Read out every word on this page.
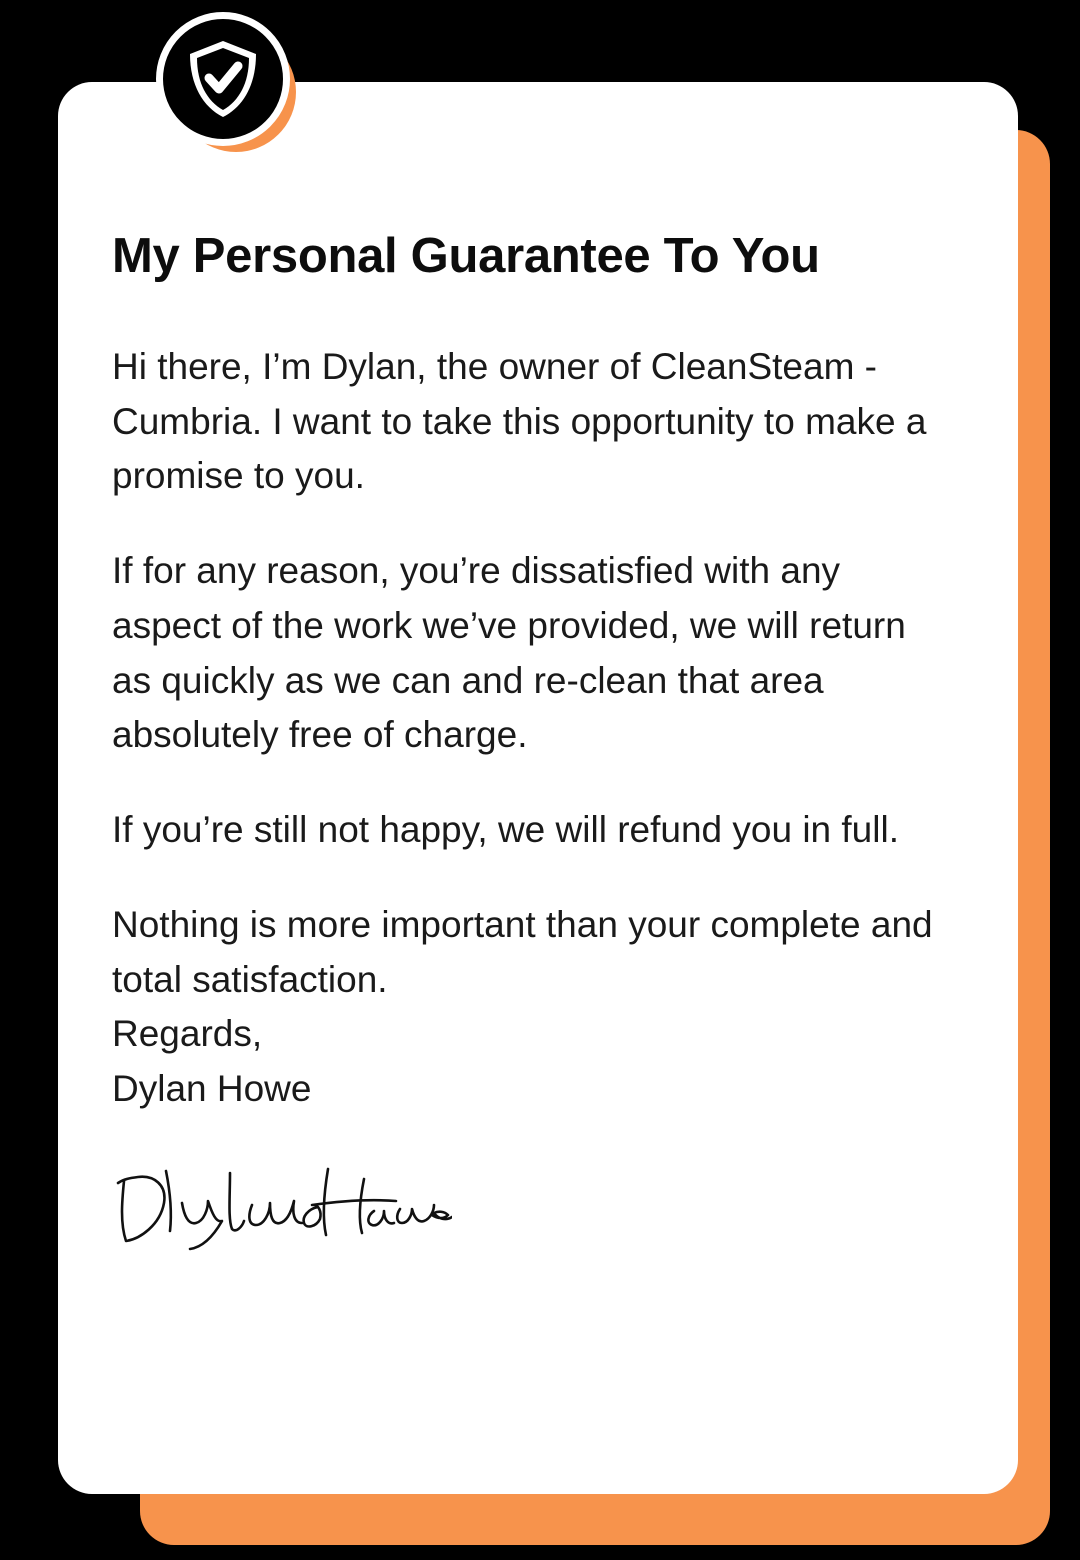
My Personal Guarantee To You

Hi there, I’m Dylan, the owner of CleanSteam - Cumbria. I want to take this opportunity to make a promise to you.

If for any reason, you’re dissatisfied with any aspect of the work we’ve provided, we will return as quickly as we can and re-clean that area absolutely free of charge.

If you’re still not happy, we will refund you in full.

Nothing is more important than your complete and total satisfaction.

Regards,
Dylan Howe
